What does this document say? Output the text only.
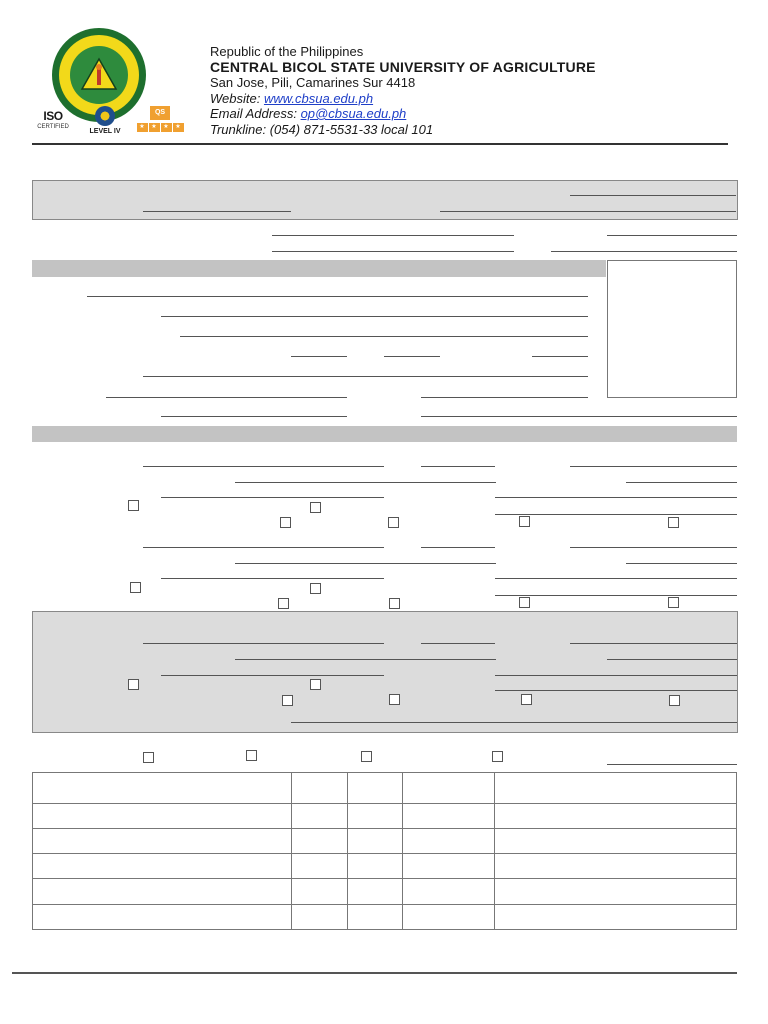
ISO
CERTIFIED
LEVEL IV

QS
★	★	★	★
Republic of the Philippines
CENTRAL BICOL STATE UNIVERSITY OF AGRICULTURE
San Jose, Pili, Camarines Sur 4418
Website: www.cbsua.edu.ph
Email Address: op@cbsua.edu.ph
Trunkline: (054) 871-5531-33 local 101
